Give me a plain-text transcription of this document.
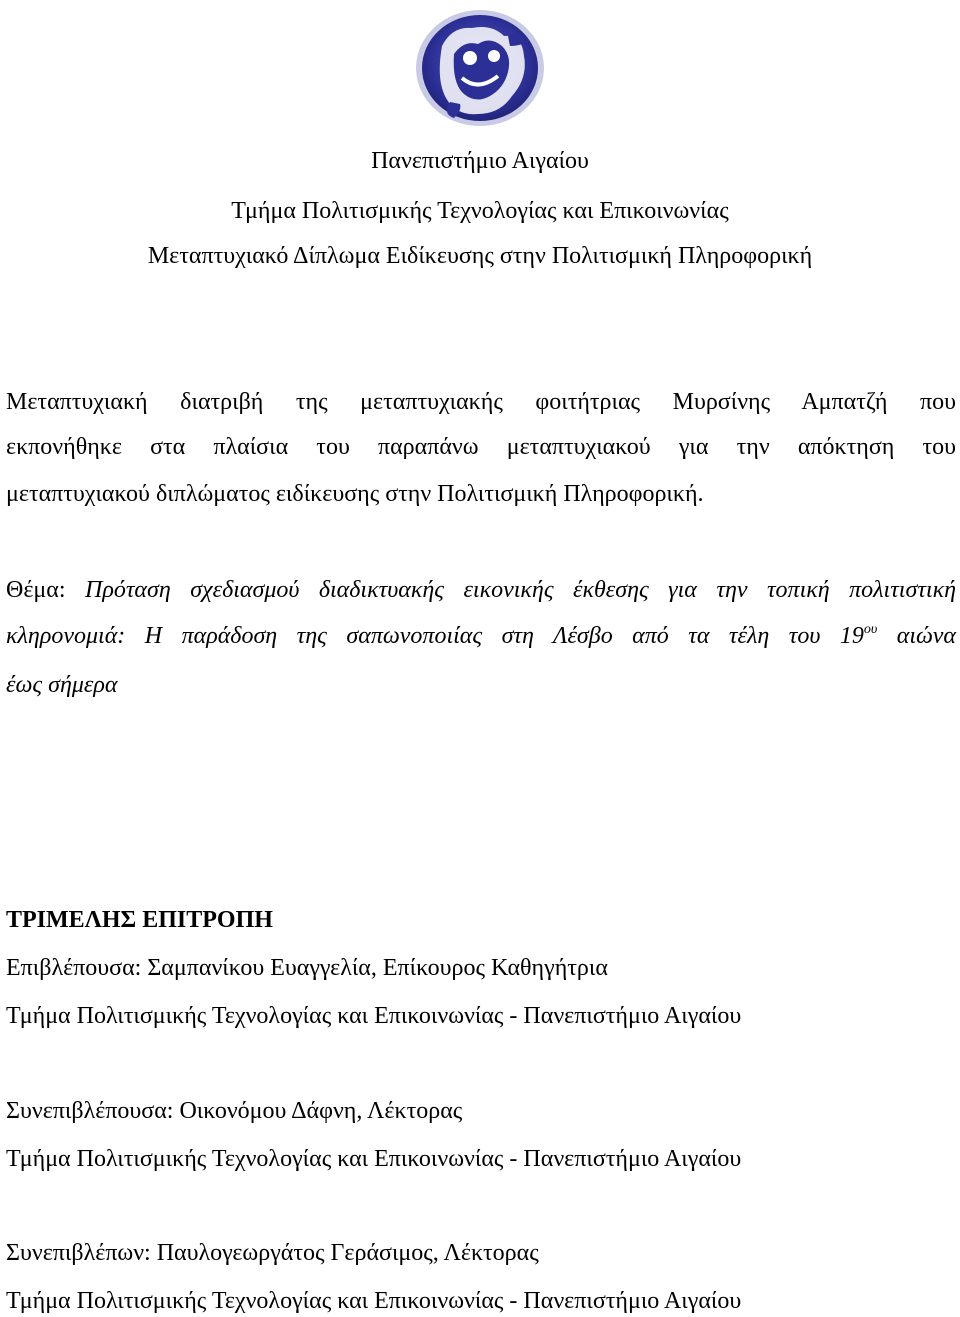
Πανεπιστήμιο Αιγαίου
Τμήμα Πολιτισμικής Τεχνολογίας και Επικοινωνίας
Μεταπτυχιακό Δίπλωμα Ειδίκευσης στην Πολιτισμική Πληροφορική
Μεταπτυχιακή διατριβή της μεταπτυχιακής φοιτήτριας Μυρσίνης Αμπατζή που
εκπονήθηκε στα πλαίσια του παραπάνω μεταπτυχιακού για την απόκτηση του
μεταπτυχιακού διπλώματος ειδίκευσης στην Πολιτισμική Πληροφορική.
Θέμα: Πρόταση σχεδιασμού διαδικτυακής εικονικής έκθεσης για την τοπική πολιτιστική
κληρονομιά: Η παράδοση της σαπωνοποιίας στη Λέσβο από τα τέλη του $19^{o\upsilon}$ αιώνα
έως σήμερα
ΤΡΙΜΕΛΗΣ ΕΠΙΤΡΟΠΗ
Επιβλέπουσα: Σαμπανίκου Ευαγγελία, Επίκουρος Καθηγήτρια
Τμήμα Πολιτισμικής Τεχνολογίας και Επικοινωνίας - Πανεπιστήμιο Αιγαίου
Συνεπιβλέπουσα: Οικονόμου Δάφνη, Λέκτορας
Τμήμα Πολιτισμικής Τεχνολογίας και Επικοινωνίας - Πανεπιστήμιο Αιγαίου
Συνεπιβλέπων: Παυλογεωργάτος Γεράσιμος, Λέκτορας
Τμήμα Πολιτισμικής Τεχνολογίας και Επικοινωνίας - Πανεπιστήμιο Αιγαίου
